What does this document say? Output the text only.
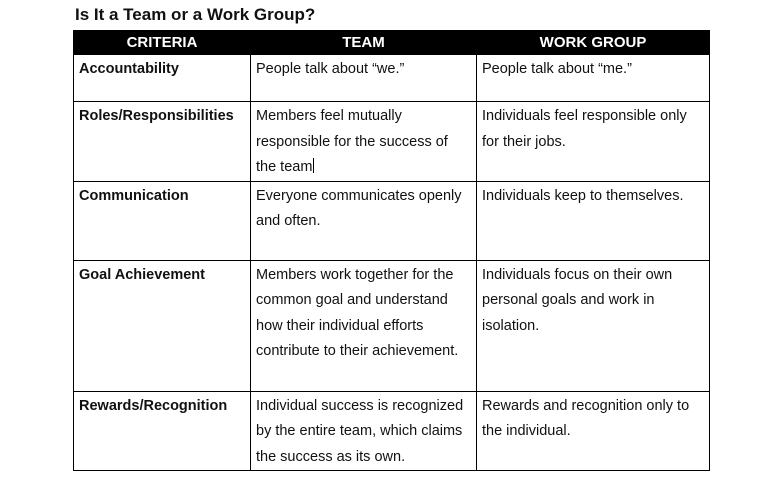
Is It a Team or a Work Group?
CRITERIA	TEAM	WORK GROUP
Accountability	People talk about “we.”	People talk about “me.”
Roles/Responsibilities	Members feel mutually responsible for the success of the team	Individuals feel responsible only for their jobs.
Communication	Everyone communicates openly and often.	Individuals keep to themselves.
Goal Achievement	Members work together for the common goal and understand how their individual efforts contribute to their achievement.	Individuals focus on their own personal goals and work in isolation.
Rewards/Recognition	Individual success is recognized by the entire team, which claims the success as its own.	Rewards and recognition only to the individual.
